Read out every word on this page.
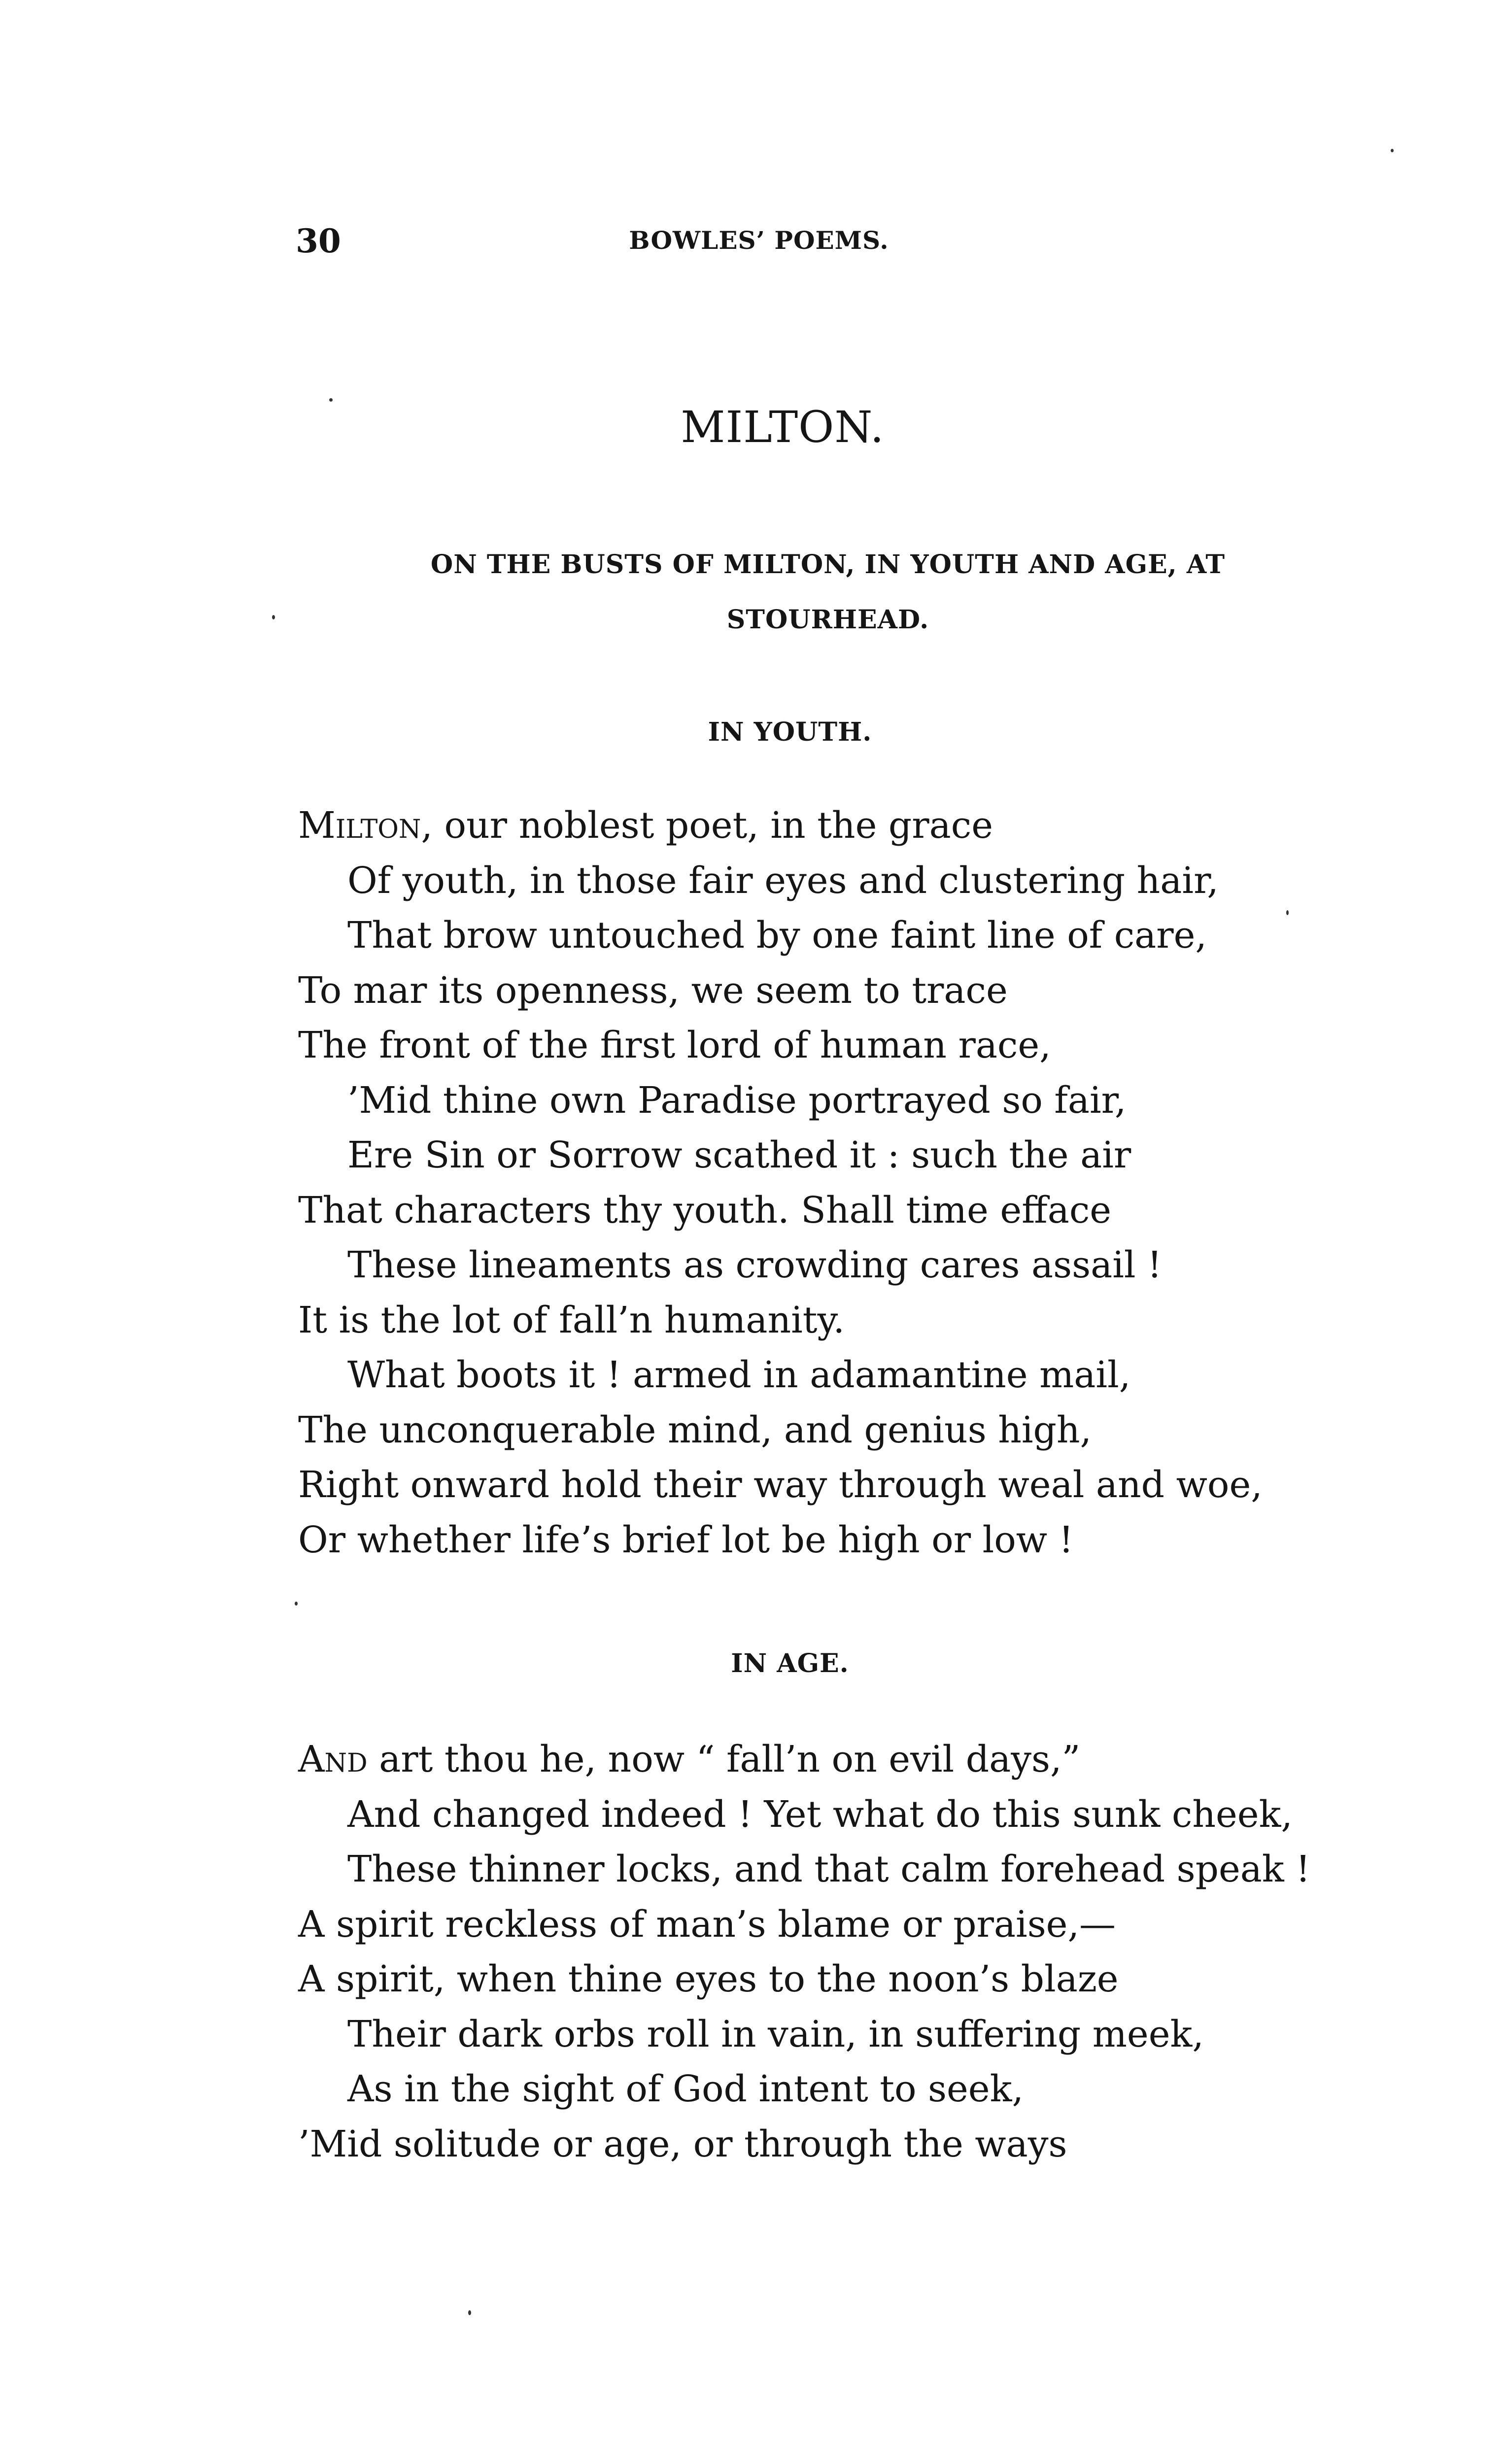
30	BOWLES’ POEMS.
MILTON.
ON THE BUSTS OF MILTON, IN YOUTH AND AGE, AT
STOURHEAD.
IN YOUTH.
Milton, our noblest poet, in the grace
Of youth, in those fair eyes and clustering hair,
That brow untouched by one faint line of care,
To mar its openness, we seem to trace
The front of the first lord of human race,
’Mid thine own Paradise portrayed so fair,
Ere Sin or Sorrow scathed it : such the air
That characters thy youth. Shall time efface
These lineaments as crowding cares assail !
It is the lot of fall’n humanity.
What boots it ! armed in adamantine mail,
The unconquerable mind, and genius high,
Right onward hold their way through weal and woe,
Or whether life’s brief lot be high or low !
IN AGE.
And art thou he, now “ fall’n on evil days,”
And changed indeed ! Yet what do this sunk cheek,
These thinner locks, and that calm forehead speak !
A spirit reckless of man’s blame or praise,—
A spirit, when thine eyes to the noon’s blaze
Their dark orbs roll in vain, in suffering meek,
As in the sight of God intent to seek,
’Mid solitude or age, or through the ways
